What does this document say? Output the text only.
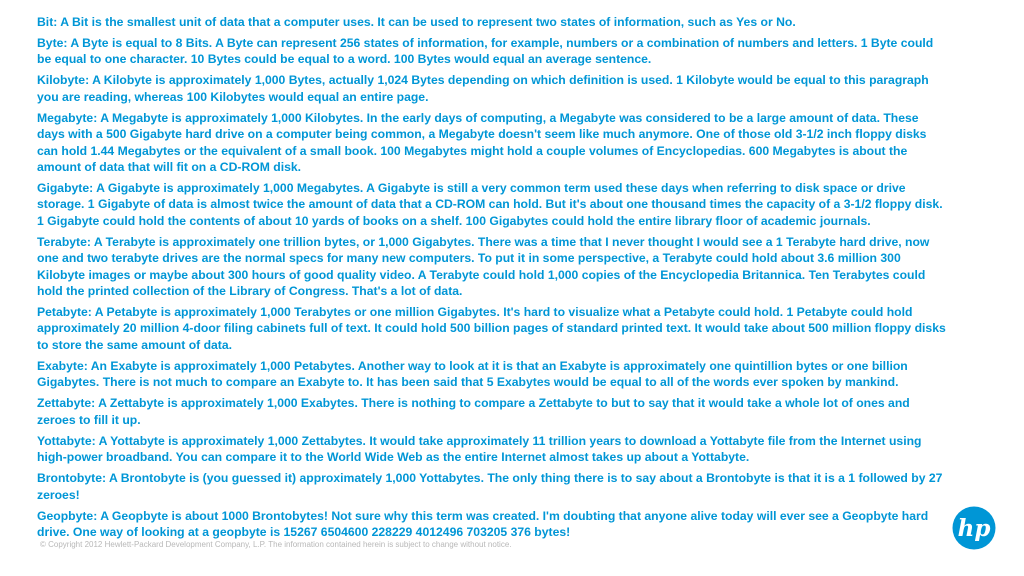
Bit: A Bit is the smallest unit of data that a computer uses. It can be used to represent two states of information, such as Yes or No.

Byte: A Byte is equal to 8 Bits. A Byte can represent 256 states of information, for example, numbers or a combination of numbers and letters. 1 Byte could be equal to one character. 10 Bytes could be equal to a word. 100 Bytes would equal an average sentence.

Kilobyte: A Kilobyte is approximately 1,000 Bytes, actually 1,024 Bytes depending on which definition is used. 1 Kilobyte would be equal to this paragraph you are reading, whereas 100 Kilobytes would equal an entire page.

Megabyte: A Megabyte is approximately 1,000 Kilobytes. In the early days of computing, a Megabyte was considered to be a large amount of data. These days with a 500 Gigabyte hard drive on a computer being common, a Megabyte doesn't seem like much anymore. One of those old 3-1/2 inch floppy disks can hold 1.44 Megabytes or the equivalent of a small book. 100 Megabytes might hold a couple volumes of Encyclopedias. 600 Megabytes is about the amount of data that will fit on a CD-ROM disk.

Gigabyte: A Gigabyte is approximately 1,000 Megabytes. A Gigabyte is still a very common term used these days when referring to disk space or drive storage. 1 Gigabyte of data is almost twice the amount of data that a CD-ROM can hold. But it's about one thousand times the capacity of a 3-1/2 floppy disk. 1 Gigabyte could hold the contents of about 10 yards of books on a shelf. 100 Gigabytes could hold the entire library floor of academic journals.

Terabyte: A Terabyte is approximately one trillion bytes, or 1,000 Gigabytes. There was a time that I never thought I would see a 1 Terabyte hard drive, now one and two terabyte drives are the normal specs for many new computers. To put it in some perspective, a Terabyte could hold about 3.6 million 300 Kilobyte images or maybe about 300 hours of good quality video. A Terabyte could hold 1,000 copies of the Encyclopedia Britannica. Ten Terabytes could hold the printed collection of the Library of Congress. That's a lot of data.

Petabyte: A Petabyte is approximately 1,000 Terabytes or one million Gigabytes. It's hard to visualize what a Petabyte could hold. 1 Petabyte could hold approximately 20 million 4-door filing cabinets full of text. It could hold 500 billion pages of standard printed text. It would take about 500 million floppy disks to store the same amount of data.

Exabyte: An Exabyte is approximately 1,000 Petabytes. Another way to look at it is that an Exabyte is approximately one quintillion bytes or one billion Gigabytes. There is not much to compare an Exabyte to. It has been said that 5 Exabytes would be equal to all of the words ever spoken by mankind.

Zettabyte: A Zettabyte is approximately 1,000 Exabytes. There is nothing to compare a Zettabyte to but to say that it would take a whole lot of ones and zeroes to fill it up.

Yottabyte: A Yottabyte is approximately 1,000 Zettabytes. It would take approximately 11 trillion years to download a Yottabyte file from the Internet using high-power broadband. You can compare it to the World Wide Web as the entire Internet almost takes up about a Yottabyte.

Brontobyte: A Brontobyte is (you guessed it) approximately 1,000 Yottabytes. The only thing there is to say about a Brontobyte is that it is a 1 followed by 27 zeroes!

Geopbyte: A Geopbyte is about 1000 Brontobytes! Not sure why this term was created. I'm doubting that anyone alive today will ever see a Geopbyte hard drive. One way of looking at a geopbyte is 15267 6504600 228229 4012496 703205 376 bytes!

© Copyright 2012 Hewlett-Packard Development Company, L.P. The information contained herein is subject to change without notice.
hp
